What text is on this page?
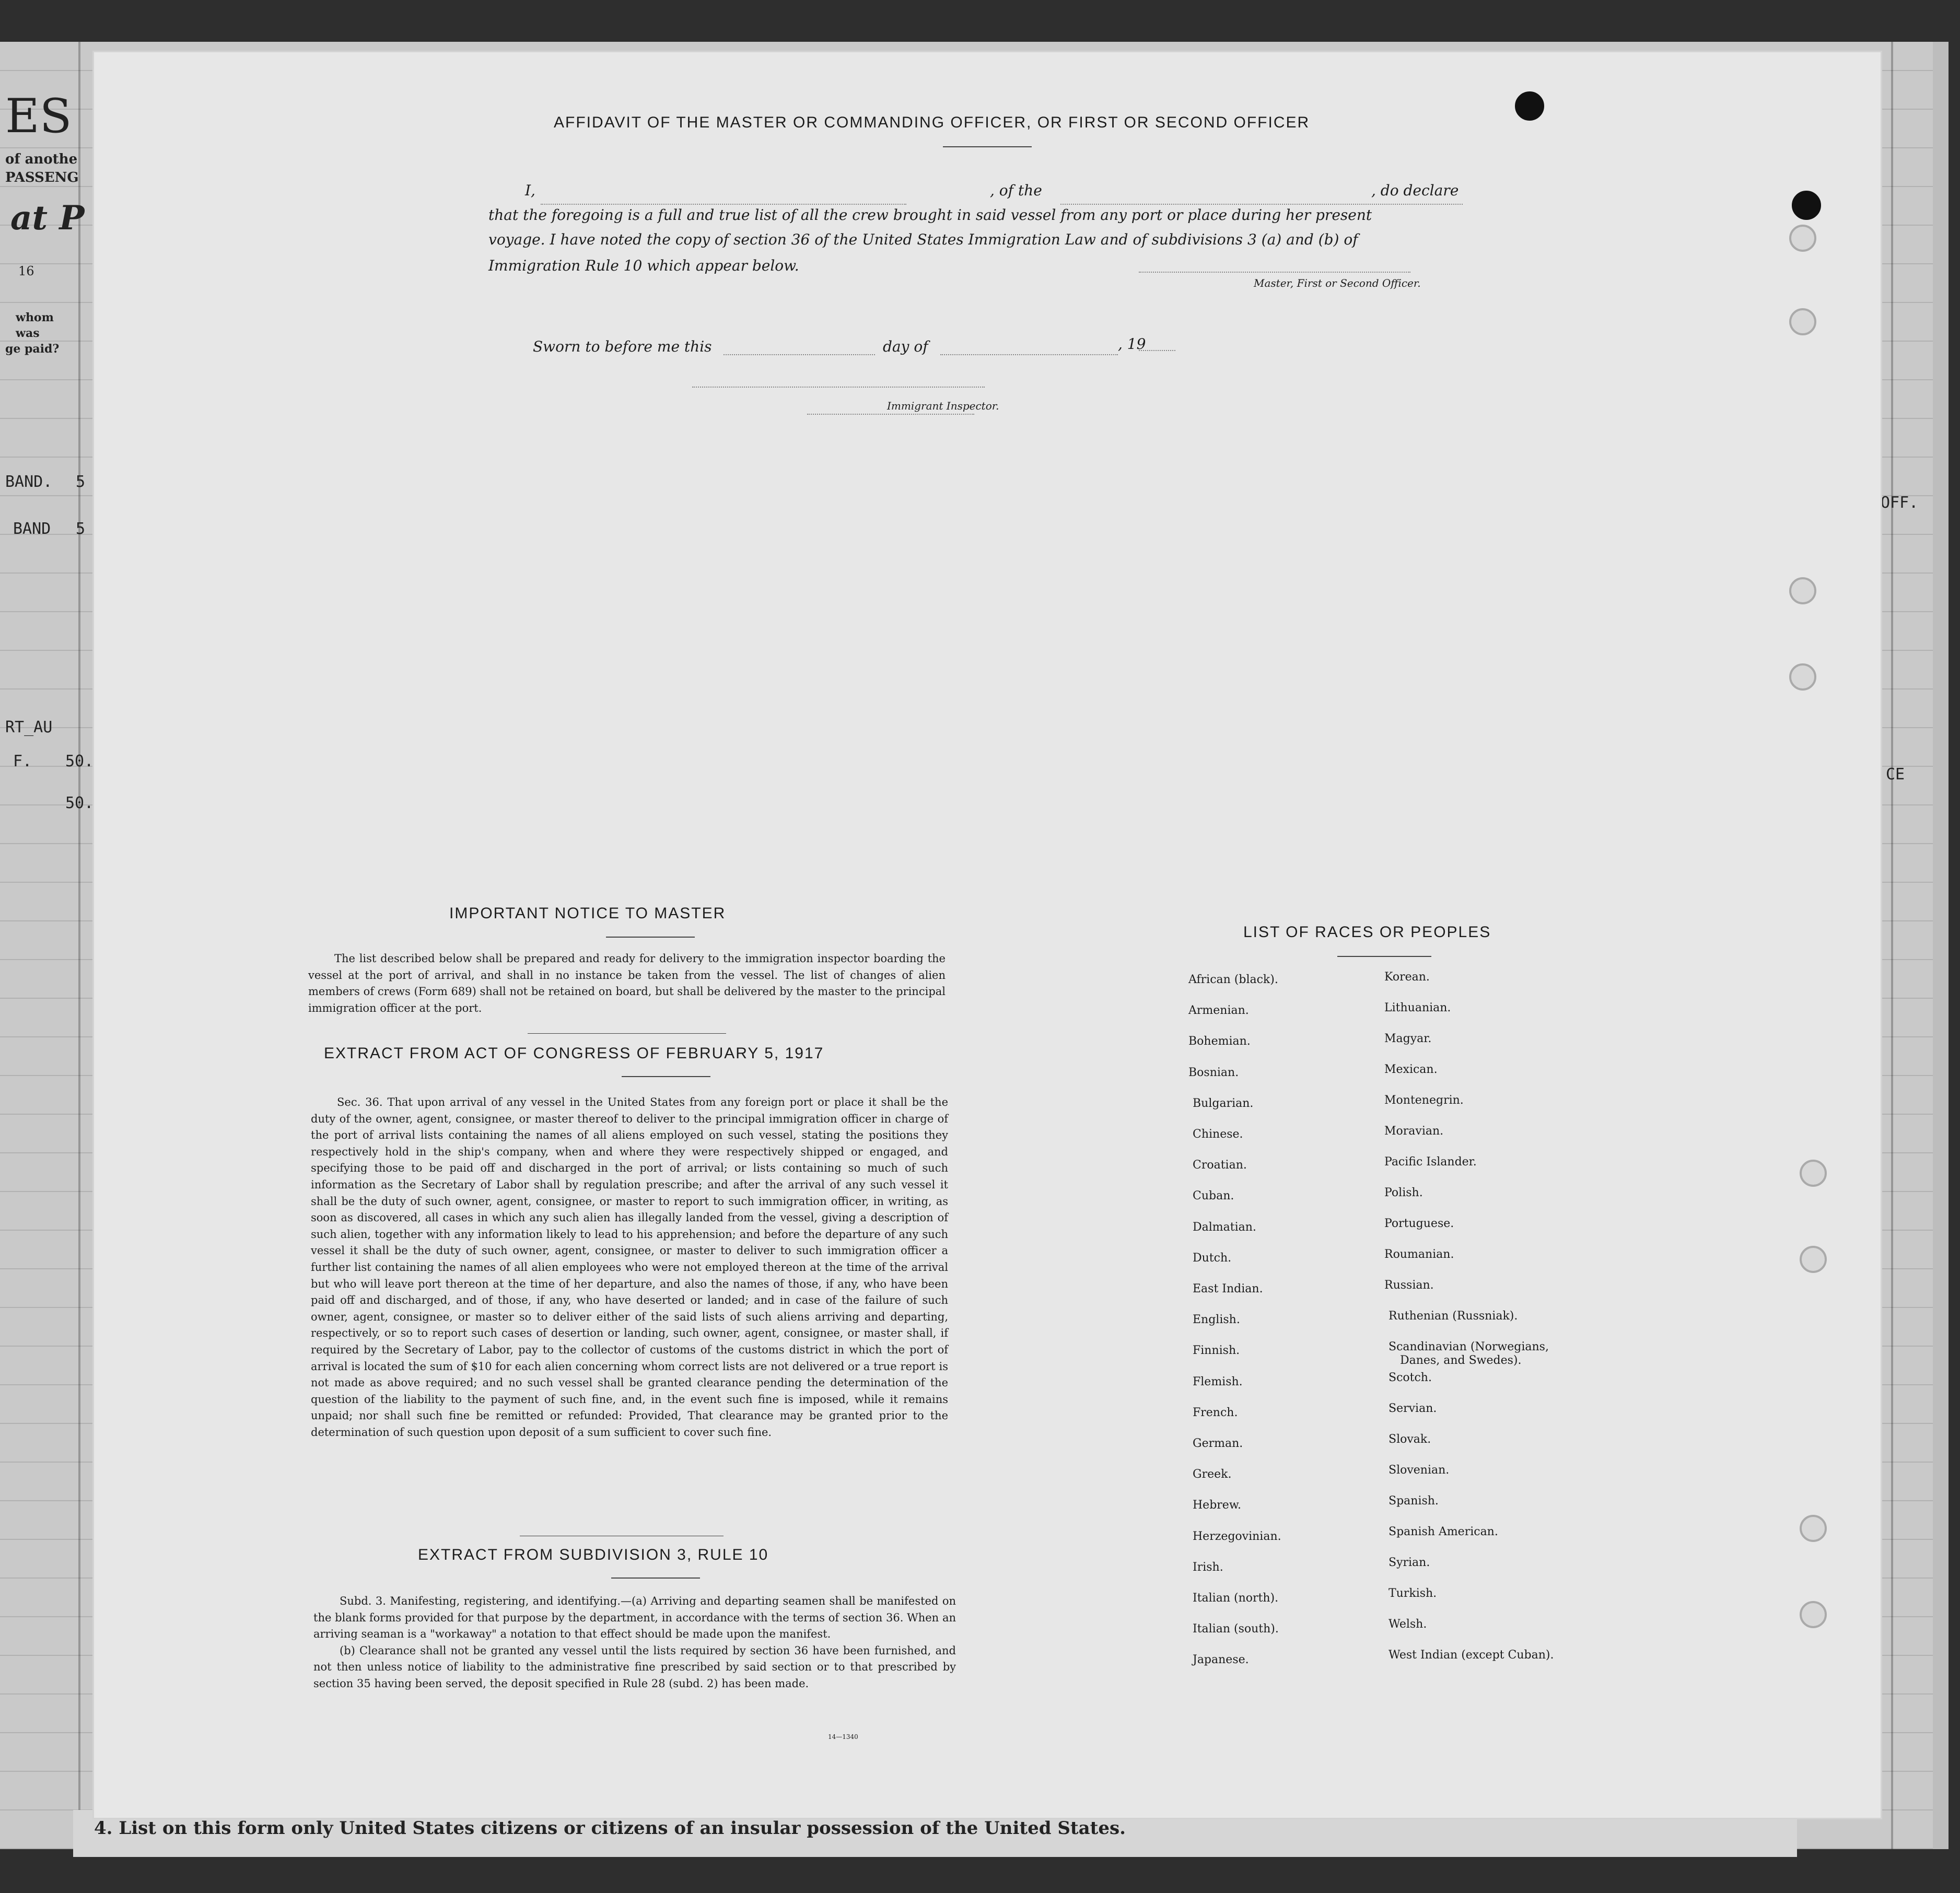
ES
of anothe
PASSENG
at P
16
whom
was
ge paid?
BAND. 5
BAND 5
RT_AU
F. 50.
50.
OFF.
CE
4. List on this form only United States citizens or citizens of an insular possession of the United States.
AFFIDAVIT OF THE MASTER OR COMMANDING OFFICER, OR FIRST OR SECOND OFFICER
I,	, of the	, do declare
that the foregoing is a full and true list of all the crew brought in said vessel from any port or place during her present
voyage. I have noted the copy of section 36 of the United States Immigration Law and of subdivisions 3 (a) and (b) of
Immigration Rule 10 which appear below.
Master, First or Second Officer.
Sworn to before me this	day of	, 19
Immigrant Inspector.
IMPORTANT NOTICE TO MASTER
The list described below shall be prepared and ready for delivery to the immigration inspector boarding the vessel at the port of arrival, and shall in no instance be taken from the vessel. The list of changes of alien members of crews (Form 689) shall not be retained on board, but shall be delivered by the master to the principal immigration officer at the port.
EXTRACT FROM ACT OF CONGRESS OF FEBRUARY 5, 1917
Sec. 36. That upon arrival of any vessel in the United States from any foreign port or place it shall be the duty of the owner, agent, consignee, or master thereof to deliver to the principal immigration officer in charge of the port of arrival lists containing the names of all aliens employed on such vessel, stating the positions they respectively hold in the ship's company, when and where they were respectively shipped or engaged, and specifying those to be paid off and discharged in the port of arrival; or lists containing so much of such information as the Secretary of Labor shall by regulation prescribe; and after the arrival of any such vessel it shall be the duty of such owner, agent, consignee, or master to report to such immigration officer, in writing, as soon as discovered, all cases in which any such alien has illegally landed from the vessel, giving a description of such alien, together with any information likely to lead to his apprehension; and before the departure of any such vessel it shall be the duty of such owner, agent, consignee, or master to deliver to such immigration officer a further list containing the names of all alien employees who were not employed thereon at the time of the arrival but who will leave port thereon at the time of her departure, and also the names of those, if any, who have been paid off and discharged, and of those, if any, who have deserted or landed; and in case of the failure of such owner, agent, consignee, or master so to deliver either of the said lists of such aliens arriving and departing, respectively, or so to report such cases of desertion or landing, such owner, agent, consignee, or master shall, if required by the Secretary of Labor, pay to the collector of customs of the customs district in which the port of arrival is located the sum of $10 for each alien concerning whom correct lists are not delivered or a true report is not made as above required; and no such vessel shall be granted clearance pending the determination of the question of the liability to the payment of such fine, and, in the event such fine is imposed, while it remains unpaid; nor shall such fine be remitted or refunded: Provided, That clearance may be granted prior to the determination of such question upon deposit of a sum sufficient to cover such fine.
EXTRACT FROM SUBDIVISION 3, RULE 10

Subd. 3. Manifesting, registering, and identifying.—(a) Arriving and departing seamen shall be manifested on the blank forms provided for that purpose by the department, in accordance with the terms of section 36. When an arriving seaman is a "workaway" a notation to that effect should be made upon the manifest.

(b) Clearance shall not be granted any vessel until the lists required by section 36 have been furnished, and not then unless notice of liability to the administrative fine prescribed by said section or to that prescribed by section 35 having been served, the deposit specified in Rule 28 (subd. 2) has been made.

14—1340
LIST OF RACES OR PEOPLES
African (black).
Armenian.
Bohemian.
Bosnian.
Bulgarian.
Chinese.
Croatian.
Cuban.
Dalmatian.
Dutch.
East Indian.
English.
Finnish.
Flemish.
French.
German.
Greek.
Hebrew.
Herzegovinian.
Irish.
Italian (north).
Italian (south).
Japanese.
Korean.
Lithuanian.
Magyar.
Mexican.
Montenegrin.
Moravian.
Pacific Islander.
Polish.
Portuguese.
Roumanian.
Russian.
Ruthenian (Russniak).
Scandinavian (Norwegians,
Danes, and Swedes).
Scotch.
Servian.
Slovak.
Slovenian.
Spanish.
Spanish American.
Syrian.
Turkish.
Welsh.
West Indian (except Cuban).
